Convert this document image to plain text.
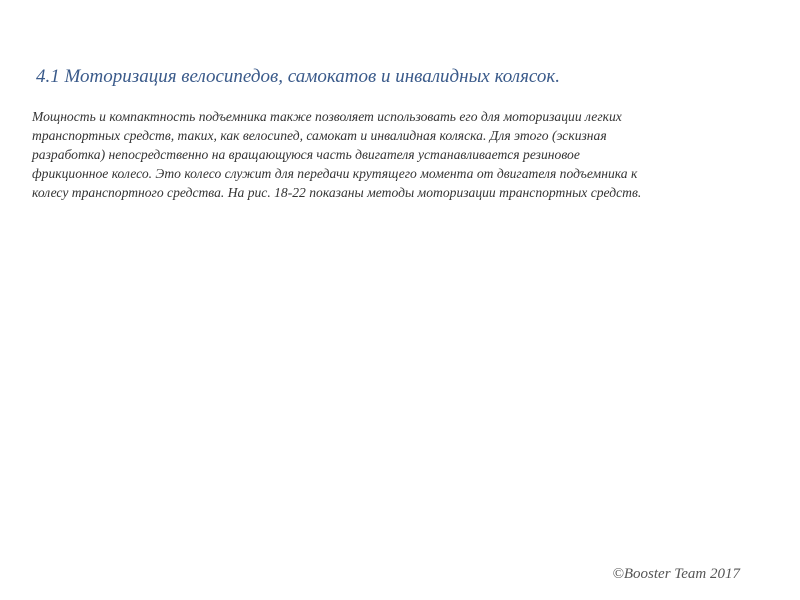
4.1 Моторизация велосипедов, самокатов и инвалидных колясок.

Мощность и компактность подъемника также позволяет использовать его для моторизации легких
транспортных средств, таких, как велосипед, самокат и инвалидная коляска. Для этого (эскизная
разработка) непосредственно на вращающуюся часть двигателя устанавливается резиновое
фрикционное колесо. Это колесо служит для передачи крутящего момента от двигателя подъемника к
колесу транспортного средства. На рис. 18-22 показаны методы моторизации транспортных средств.

©Booster Team 2017
